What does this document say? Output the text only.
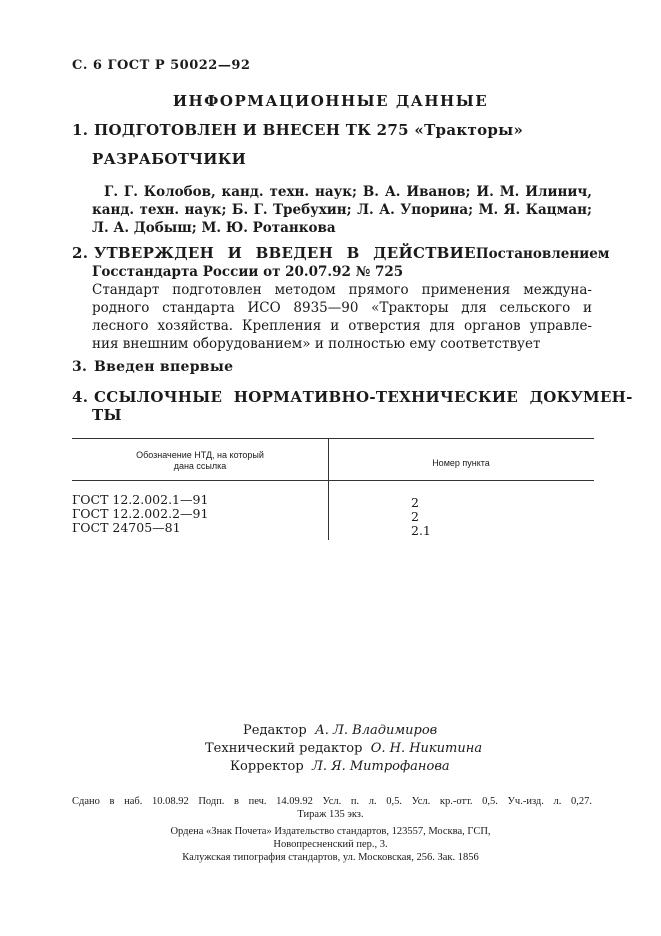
С. 6 ГОСТ Р 50022—92
ИНФОРМАЦИОННЫЕ ДАННЫЕ
1. ПОДГОТОВЛЕН И ВНЕСЕН ТК 275 «Тракторы»
РАЗРАБОТЧИКИ
Г. Г. Колобов, канд. техн. наук; В. А. Иванов; И. М. Илинич,
канд. техн. наук; Б. Г. Требухин; Л. А. Упорина; М. Я. Кацман;
Л. А. Добыш; М. Ю. Ротанкова
2. УТВЕРЖДЕН И ВВЕДЕН В ДЕЙСТВИЕ Постановлением
Госстандарта России от 20.07.92 № 725
Стандарт подготовлен методом прямого применения междуна-
родного стандарта ИСО 8935—90 «Тракторы для сельского и
лесного хозяйства. Крепления и отверстия для органов управле-
ния внешним оборудованием» и полностью ему соответствует
3. Введен впервые
4. ССЫЛОЧНЫЕ НОРМАТИВНО-ТЕХНИЧЕСКИЕ ДОКУМЕН-
ТЫ
Обозначение НТД, на который
дана ссылка	Номер пункта
ГОСТ 12.2.002.1—91	2
ГОСТ 12.2.002.2—91	2
ГОСТ 24705—81	2.1
Редактор А. Л. Владимиров
Технический редактор О. Н. Никитина
Корректор Л. Я. Митрофанова
Сдано в наб. 10.08.92 Подп. в печ. 14.09.92 Усл. п. л. 0,5. Усл. кр.-отт. 0,5. Уч.-изд. л. 0,27.
Тираж 135 экз.
Ордена «Знак Почета» Издательство стандартов, 123557, Москва, ГСП,
Новопресненский пер., 3.
Калужская типография стандартов, ул. Московская, 256. Зак. 1856
